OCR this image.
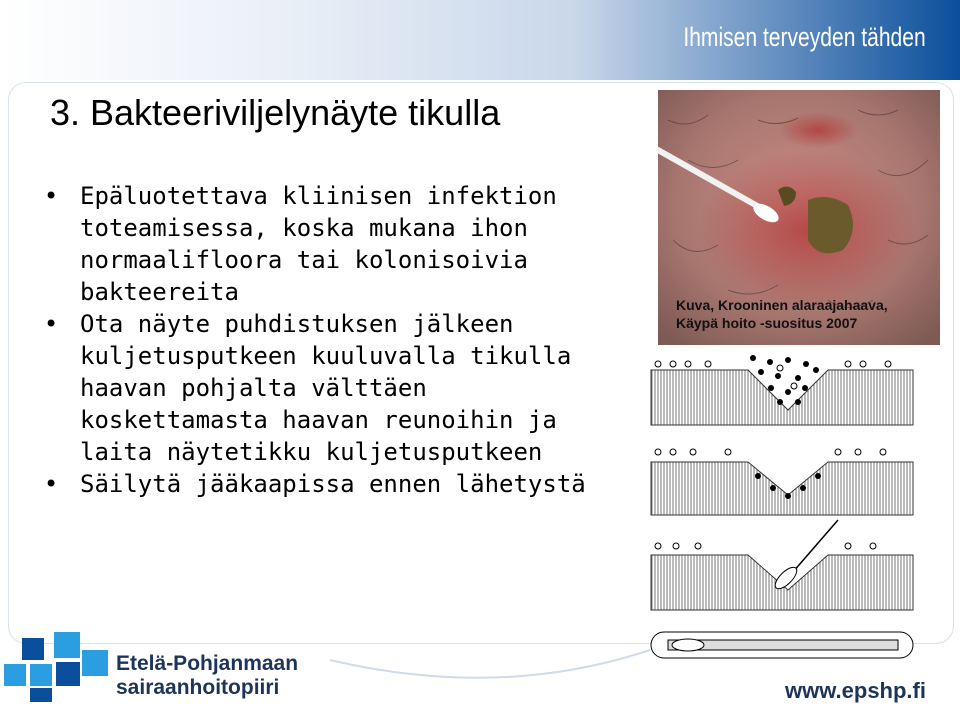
Ihmisen terveyden tähden
3. Bakteeriviljelynäyte tikulla
• Epäluotettava kliinisen infektion toteamisessa, koska mukana ihon normaalifloora tai kolonisoivia bakteereita
• Ota näyte puhdistuksen jälkeen kuljetusputkeen kuuluvalla tikulla haavan pohjalta välttäen koskettamasta haavan reunoihin ja laita näytetikku kuljetusputkeen
• Säilytä jääkaapissa ennen lähetystä
Kuva, Krooninen alaraajahaava,
Käypä hoito -suositus 2007
Etelä-Pohjanmaan
sairaanhoitopiiri	www.epshp.fi
